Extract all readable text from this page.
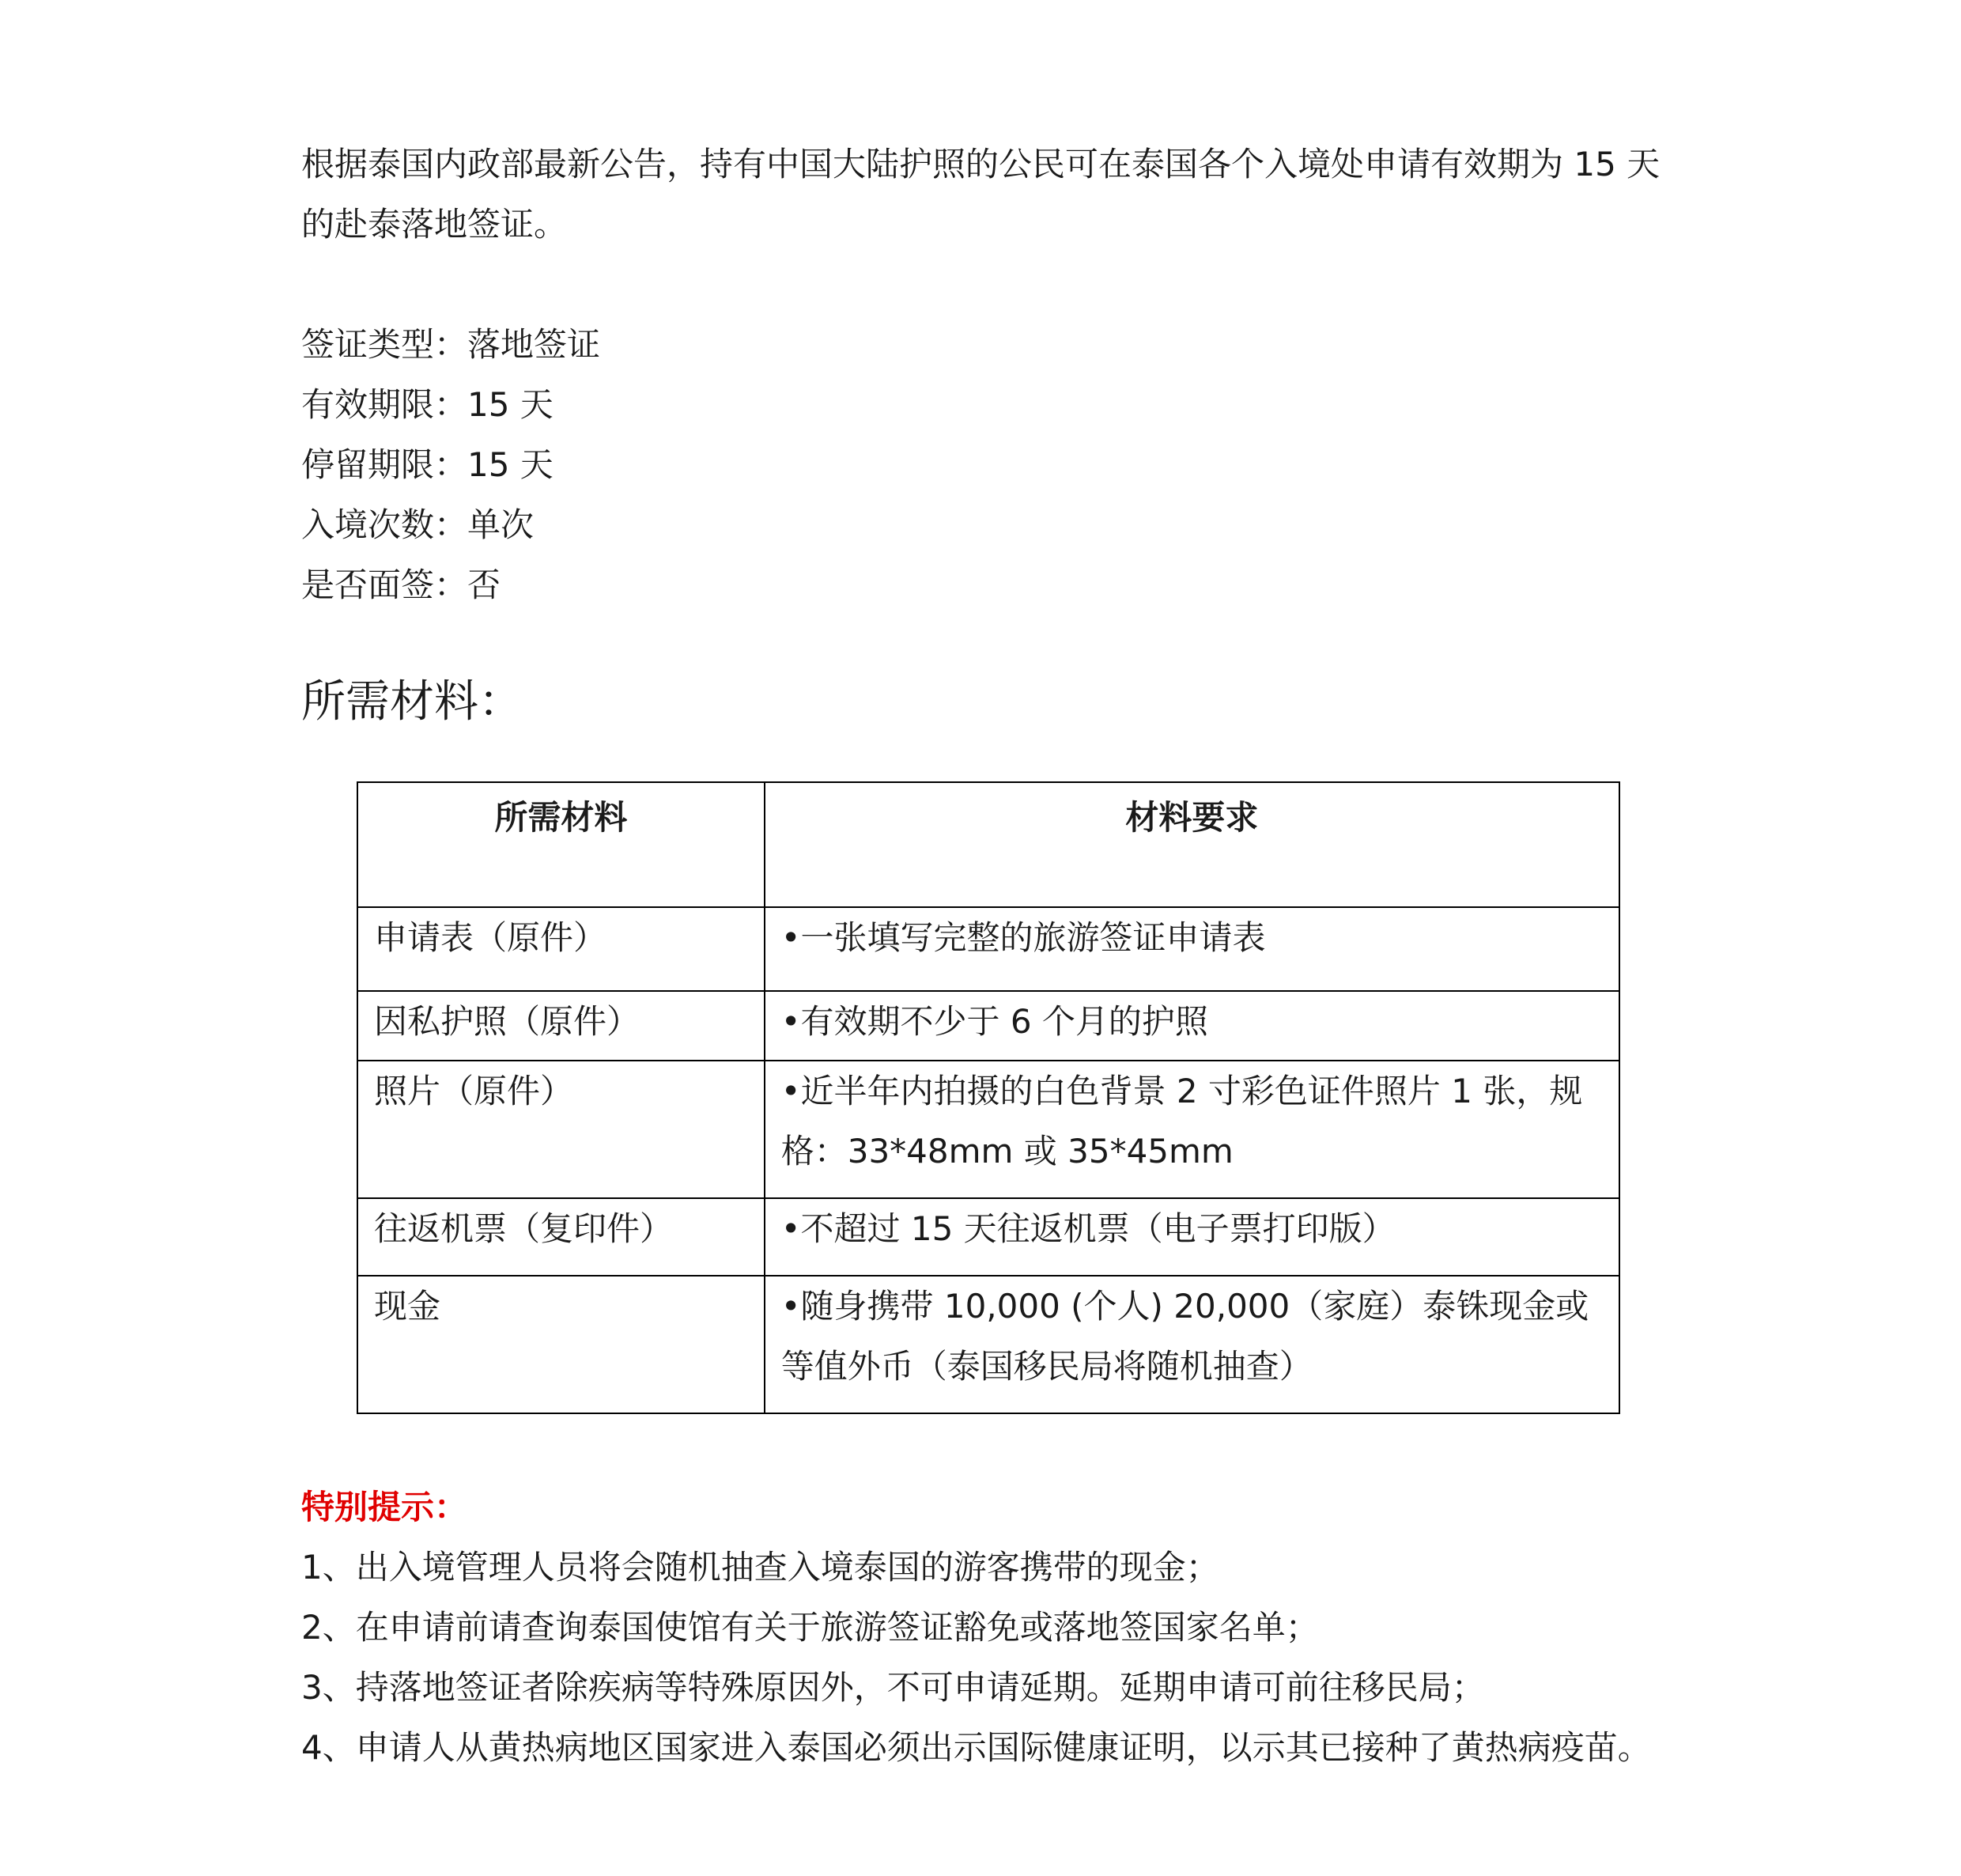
根据泰国内政部最新公告，持有中国大陆护照的公民可在泰国各个入境处申请有效期为 15 天的赴泰落地签证。

签证类型：落地签证

有效期限：15 天

停留期限：15 天

入境次数：单次

是否面签：否

所需材料：
所需材料	材料要求
申请表（原件）	•一张填写完整的旅游签证申请表
因私护照（原件）	•有效期不少于 6 个月的护照
照片（原件）	•近半年内拍摄的白色背景 2 寸彩色证件照片 1 张，规格：33*48mm 或 35*45mm
往返机票（复印件）	•不超过 15 天往返机票（电子票打印版）
现金	•随身携带 10,000 (个人) 20,000（家庭）泰铢现金或等值外币（泰国移民局将随机抽查）

特别提示：

1、出入境管理人员将会随机抽查入境泰国的游客携带的现金；

2、在申请前请查询泰国使馆有关于旅游签证豁免或落地签国家名单；

3、持落地签证者除疾病等特殊原因外，不可申请延期。延期申请可前往移民局；

4、申请人从黄热病地区国家进入泰国必须出示国际健康证明，以示其已接种了黄热病疫苗。
